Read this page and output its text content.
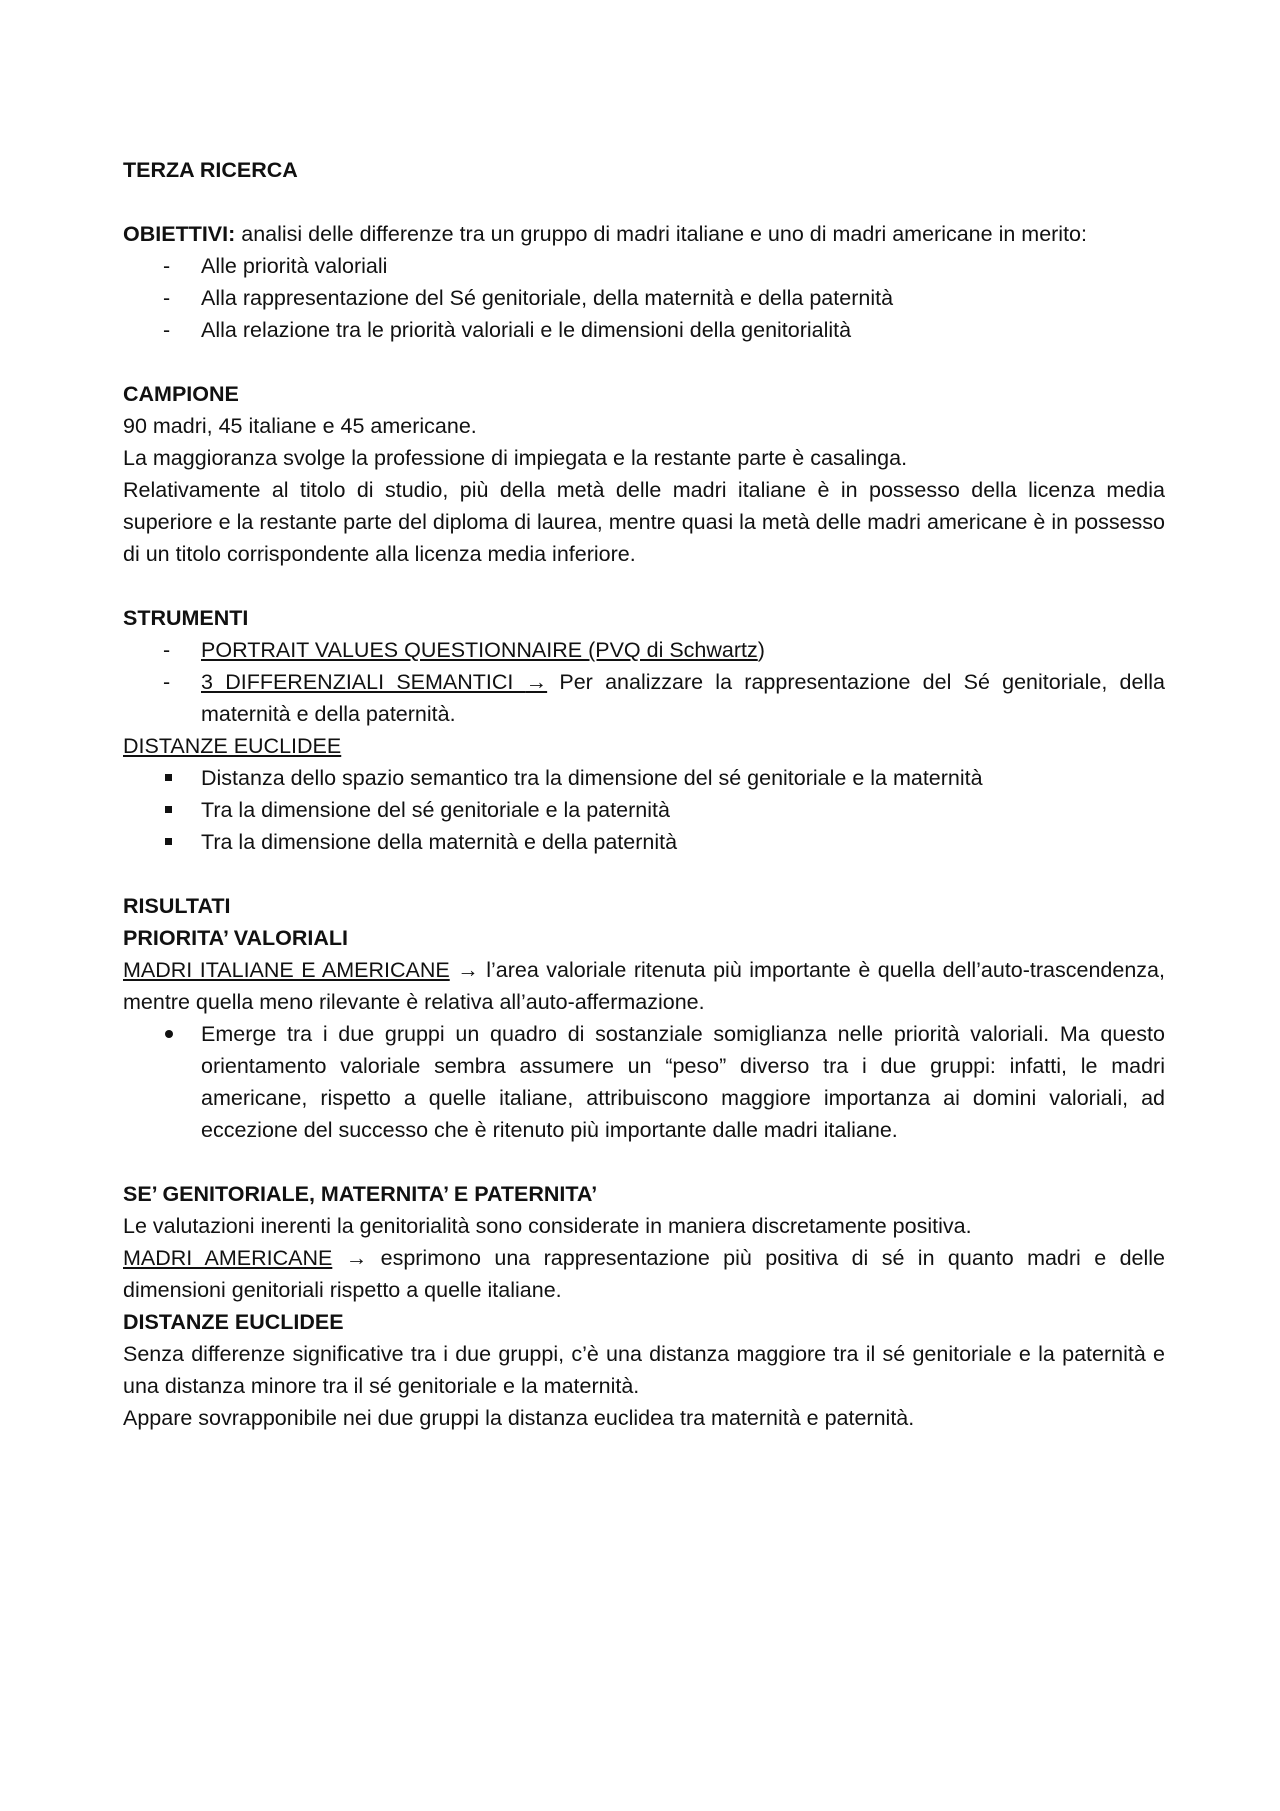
TERZA RICERCA

OBIETTIVI: analisi delle differenze tra un gruppo di madri italiane e uno di madri americane in merito:

- Alle priorità valoriali
- Alla rappresentazione del Sé genitoriale, della maternità e della paternità
- Alla relazione tra le priorità valoriali e le dimensioni della genitorialità

CAMPIONE

90 madri, 45 italiane e 45 americane.

La maggioranza svolge la professione di impiegata e la restante parte è casalinga.

Relativamente al titolo di studio, più della metà delle madri italiane è in possesso della licenza media superiore e la restante parte del diploma di laurea, mentre quasi la metà delle madri americane è in possesso di un titolo corrispondente alla licenza media inferiore.

STRUMENTI

- PORTRAIT VALUES QUESTIONNAIRE (PVQ di Schwartz)
- 3 DIFFERENZIALI SEMANTICI → Per analizzare la rappresentazione del Sé genitoriale, della maternità e della paternità.

DISTANZE EUCLIDEE

Distanza dello spazio semantico tra la dimensione del sé genitoriale e la maternità
Tra la dimensione del sé genitoriale e la paternità
Tra la dimensione della maternità e della paternità

RISULTATI

PRIORITA’ VALORIALI

MADRI ITALIANE E AMERICANE → l’area valoriale ritenuta più importante è quella dell’auto-trascendenza, mentre quella meno rilevante è relativa all’auto-affermazione.

Emerge tra i due gruppi un quadro di sostanziale somiglianza nelle priorità valoriali. Ma questo orientamento valoriale sembra assumere un “peso” diverso tra i due gruppi: infatti, le madri americane, rispetto a quelle italiane, attribuiscono maggiore importanza ai domini valoriali, ad eccezione del successo che è ritenuto più importante dalle madri italiane.

SE’ GENITORIALE, MATERNITA’ E PATERNITA’

Le valutazioni inerenti la genitorialità sono considerate in maniera discretamente positiva.

MADRI AMERICANE → esprimono una rappresentazione più positiva di sé in quanto madri e delle dimensioni genitoriali rispetto a quelle italiane.

DISTANZE EUCLIDEE

Senza differenze significative tra i due gruppi, c’è una distanza maggiore tra il sé genitoriale e la paternità e una distanza minore tra il sé genitoriale e la maternità.

Appare sovrapponibile nei due gruppi la distanza euclidea tra maternità e paternità.
